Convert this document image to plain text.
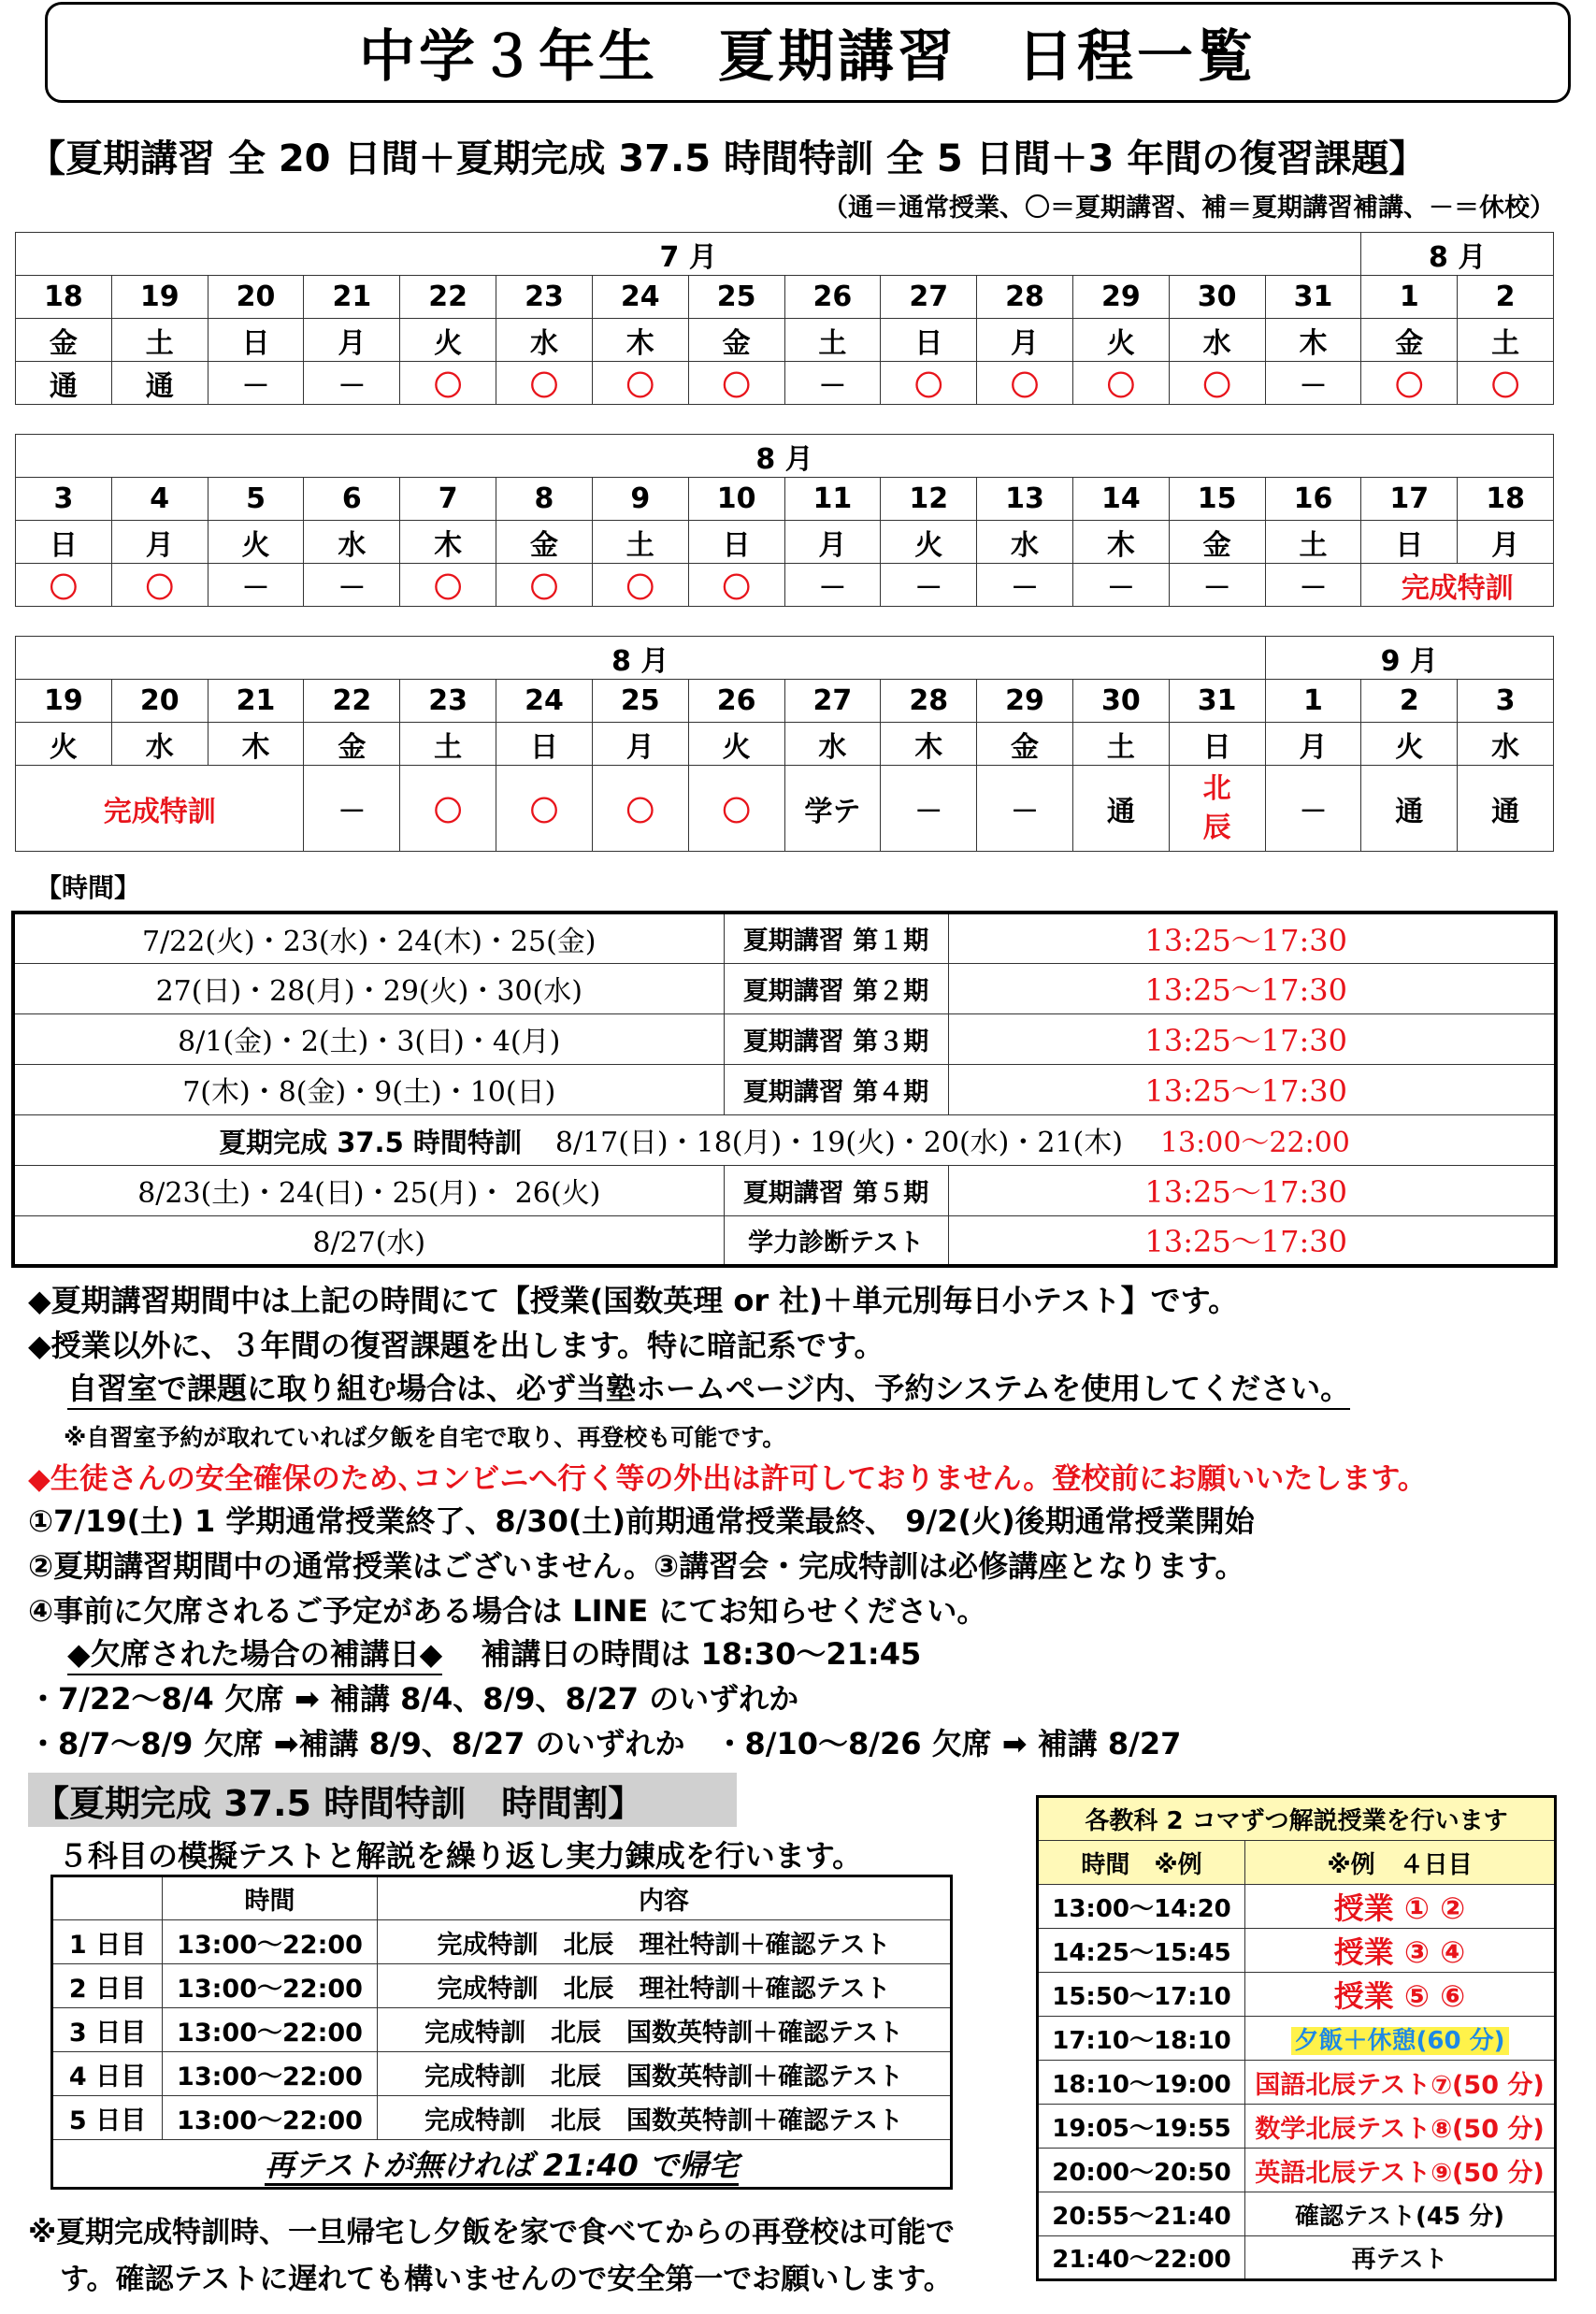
中学３年生　夏期講習　日程一覧
【夏期講習 全 20 日間＋夏期完成 37.5 時間特訓 全 5 日間＋3 年間の復習課題】
（通＝通常授業、〇＝夏期講習、補＝夏期講習補講、－＝休校）
7 月														8 月	
18	19	20	21	22	23	24	25	26	27	28	29	30	31	1	2
金	土	日	月	火	水	木	金	土	日	月	火	水	木	金	土
通	通	－	－	〇	〇	〇	〇	－	〇	〇	〇	〇	－	〇	〇
8 月															
3	4	5	6	7	8	9	10	11	12	13	14	15	16	17	18
日	月	火	水	木	金	土	日	月	火	水	木	金	土	日	月
〇	〇	－	－	〇	〇	〇	〇	－	－	－	－	－	－	完成特訓	
8 月													9 月		
19	20	21	22	23	24	25	26	27	28	29	30	31	1	2	3
火	水	木	金	土	日	月	火	水	木	金	土	日	月	火	水
完成特訓			－	〇	〇	〇	〇	学テ	－	－	通	北辰	－	通	通
【時間】
7/22(火)・23(水)・24(木)・25(金)	夏期講習 第１期	13:25～17:30
27(日)・28(月)・29(火)・30(水)	夏期講習 第２期	13:25～17:30
8/1(金)・2(土)・3(日)・4(月)	夏期講習 第３期	13:25～17:30
7(木)・8(金)・9(土)・10(日)	夏期講習 第４期	13:25～17:30
夏期完成 37.5 時間特訓 8/17(日)・18(月)・19(火)・20(水)・21(木) 13:00～22:00		
8/23(土)・24(日)・25(月)・ 26(火)	夏期講習 第５期	13:25～17:30
8/27(水)	学力診断テスト	13:25～17:30
◆夏期講習期間中は上記の時間にて【授業(国数英理 or 社)＋単元別毎日小テスト】です。
◆授業以外に、３年間の復習課題を出します。特に暗記系です。
自習室で課題に取り組む場合は、必ず当塾ホームページ内、予約システムを使用してください。
※自習室予約が取れていれば夕飯を自宅で取り、再登校も可能です。
◆生徒さんの安全確保のため､コンビニへ行く等の外出は許可しておりません。登校前にお願いいたします。
①7/19(土) 1 学期通常授業終了、8/30(土)前期通常授業最終、 9/2(火)後期通常授業開始
②夏期講習期間中の通常授業はございません。③講習会・完成特訓は必修講座となります。
④事前に欠席されるご予定がある場合は LINE にてお知らせください。
◆欠席された場合の補講日◆ 補講日の時間は 18:30～21:45
・7/22～8/4 欠席 ➡ 補講 8/4、8/9、8/27 のいずれか
・8/7～8/9 欠席 ➡補講 8/9、8/27 のいずれか　・8/10～8/26 欠席 ➡ 補講 8/27
【夏期完成 37.5 時間特訓　時間割】
５科目の模擬テストと解説を繰り返し実力錬成を行います。
	時間	内容
1 日目	13:00～22:00	完成特訓　北辰　理社特訓＋確認テスト
2 日目	13:00～22:00	完成特訓　北辰　理社特訓＋確認テスト
3 日目	13:00～22:00	完成特訓　北辰　国数英特訓＋確認テスト
4 日目	13:00～22:00	完成特訓　北辰　国数英特訓＋確認テスト
5 日目	13:00～22:00	完成特訓　北辰　国数英特訓＋確認テスト
再テストが無ければ 21:40 で帰宅		
※夏期完成特訓時、一旦帰宅し夕飯を家で食べてからの再登校は可能で
す。確認テストに遅れても構いませんので安全第一でお願いします。
各教科 2 コマずつ解説授業を行います	
時間　※例	※例　４日目
13:00～14:20	授業 ① ②
14:25～15:45	授業 ③ ④
15:50～17:10	授業 ⑤ ⑥
17:10～18:10	夕飯＋休憩(60 分)
18:10～19:00	国語北辰テスト⑦(50 分)
19:05～19:55	数学北辰テスト⑧(50 分)
20:00～20:50	英語北辰テスト⑨(50 分)
20:55～21:40	確認テスト(45 分)
21:40～22:00	再テスト
